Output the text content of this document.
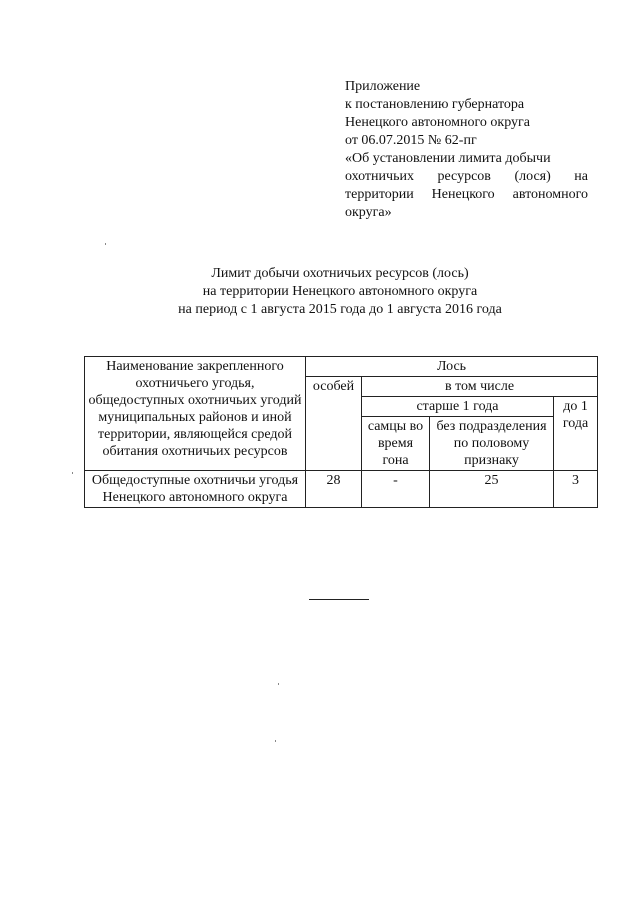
Приложение
к постановлению губернатора
Ненецкого автономного округа
от 06.07.2015 № 62-пг
«Об установлении лимита добычи
охотничьих ресурсов (лося) на
территории Ненецкого автономного
округа»
Лимит добычи охотничьих ресурсов (лось)
на территории Ненецкого автономного округа
на период с 1 августа 2015 года до 1 августа 2016 года
Наименование закрепленного охотничьего угодья, общедоступных охотничьих угодий муниципальных районов и иной территории, являющейся средой обитания охотничьих ресурсов	Лось			
	особей	в том числе		
		старше 1 года		до 1 года
		самцы во время гона	без подразделения по половому признаку	
Общедоступные охотничьи угодья Ненецкого автономного округа	28	-	25	3
